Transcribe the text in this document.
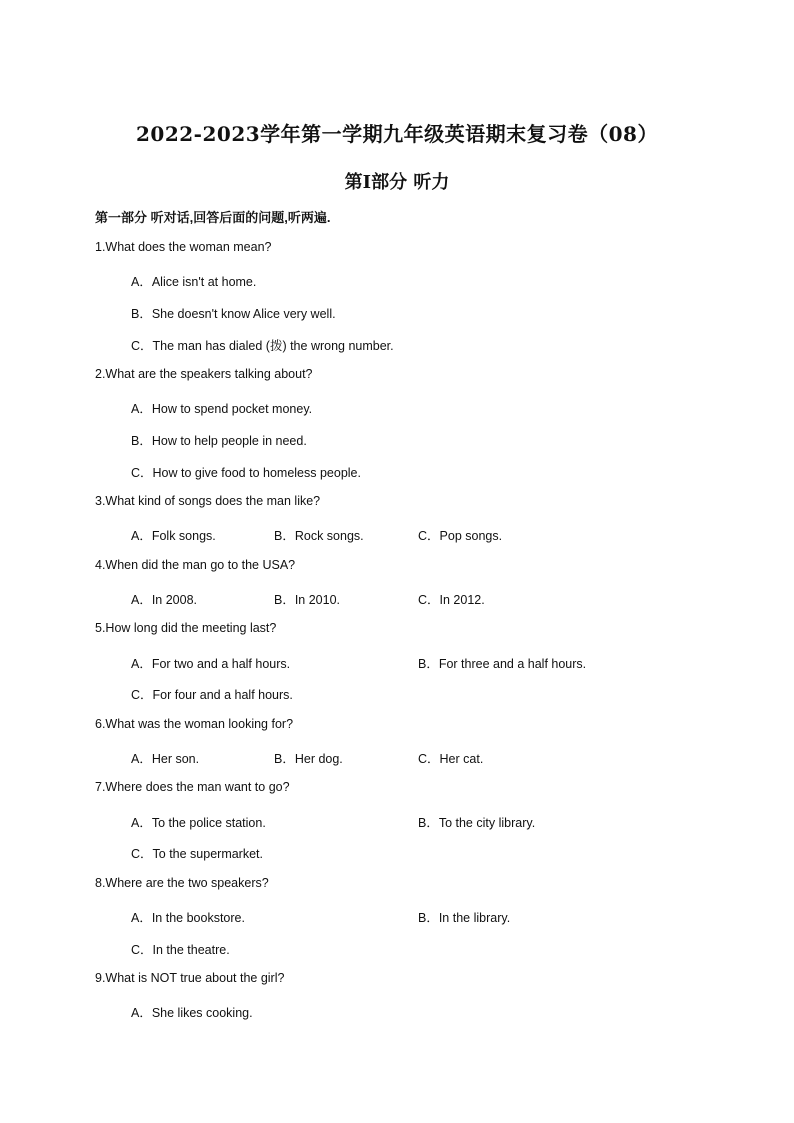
2022-2023学年第一学期九年级英语期末复习卷（08）
第Ⅰ部分 听力
第一部分 听对话,回答后面的问题,听两遍.
1.What does the woman mean?
A．Alice isn't at home.
B．She doesn't know Alice very well.
C．The man has dialed (拨) the wrong number.
2.What are the speakers talking about?
A．How to spend pocket money.
B．How to help people in need.
C．How to give food to homeless people.
3.What kind of songs does the man like?
A．Folk songs.	B．Rock songs.	C．Pop songs.
4.When did the man go to the USA?
A．In 2008.	B．In 2010.	C．In 2012.
5.How long did the meeting last?
A．For two and a half hours.	B．For three and a half hours.
C．For four and a half hours.
6.What was the woman looking for?
A．Her son.	B．Her dog.	C．Her cat.
7.Where does the man want to go?
A．To the police station.	B．To the city library.
C．To the supermarket.
8.Where are the two speakers?
A．In the bookstore.	B．In the library.
C．In the theatre.
9.What is NOT true about the girl?
A．She likes cooking.
